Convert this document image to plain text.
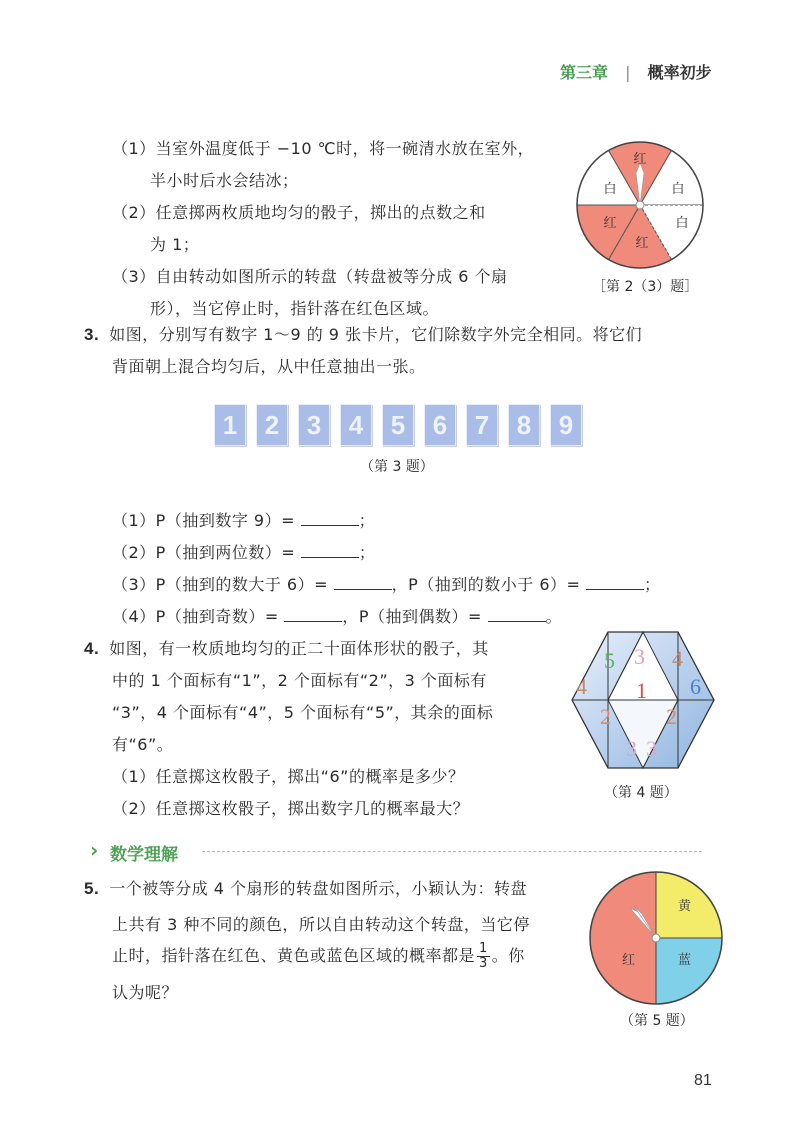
第三章 | 概率初步
（1）当室外温度低于 −10 ℃时，将一碗清水放在室外，
半小时后水会结冰；
（2）任意掷两枚质地均匀的骰子，掷出的点数之和
为 1；
（3）自由转动如图所示的转盘（转盘被等分成 6 个扇
形），当它停止时，指针落在红色区域。
红
白
红
红
白
白
［第 2（3）题］
3. 如图，分别写有数字 1～9 的 9 张卡片，它们除数字外完全相同。将它们
背面朝上混合均匀后，从中任意抽出一张。
1 2 3 4 5 6 7 8 9
（第 3 题）
（1）P（抽到数字 9）=	；
（2）P（抽到两位数）=	；
（3）P（抽到的数大于 6）=	，P（抽到的数小于 6）=	；
（4）P（抽到奇数）=	，P（抽到偶数）=	。
4. 如图，有一枚质地均匀的正二十面体形状的骰子，其
中的 1 个面标有“1”，2 个面标有“2”，3 个面标有
“3”，4 个面标有“4”，5 个面标有“5”，其余的面标
有“6”。
（1）任意掷这枚骰子，掷出“6”的概率是多少？
（2）任意掷这枚骰子，掷出数字几的概率最大？
5 3 4
4 1 6
2	2
3 3
（第 4 题）
› 数学理解
5. 一个被等分成 4 个扇形的转盘如图所示，小颖认为：转盘
上共有 3 种不同的颜色，所以自由转动这个转盘，当它停
止时，指针落在红色、黄色或蓝色区域的概率都是 $\frac{1}{3}$ 。你
认为呢？
黄
蓝
红
（第 5 题）
81
